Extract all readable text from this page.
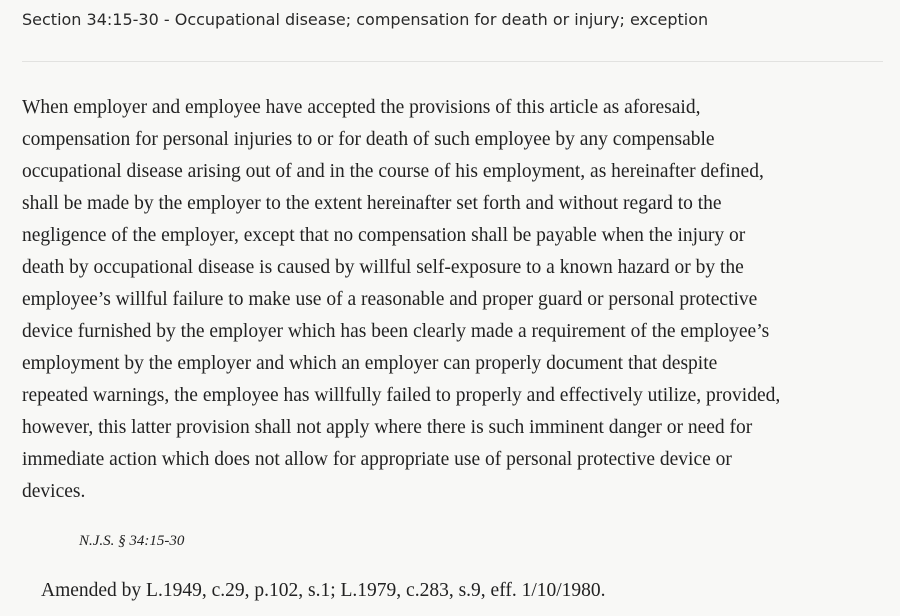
Section 34:15-30 - Occupational disease; compensation for death or injury; exception
When employer and employee have accepted the provisions of this article as aforesaid,
compensation for personal injuries to or for death of such employee by any compensable
occupational disease arising out of and in the course of his employment, as hereinafter defined,
shall be made by the employer to the extent hereinafter set forth and without regard to the
negligence of the employer, except that no compensation shall be payable when the injury or
death by occupational disease is caused by willful self-exposure to a known hazard or by the
employee’s willful failure to make use of a reasonable and proper guard or personal protective
device furnished by the employer which has been clearly made a requirement of the employee’s
employment by the employer and which an employer can properly document that despite
repeated warnings, the employee has willfully failed to properly and effectively utilize, provided,
however, this latter provision shall not apply where there is such imminent danger or need for
immediate action which does not allow for appropriate use of personal protective device or
devices.
N.J.S. § 34:15-30
Amended by L.1949, c.29, p.102, s.1; L.1979, c.283, s.9, eff. 1/10/1980.
